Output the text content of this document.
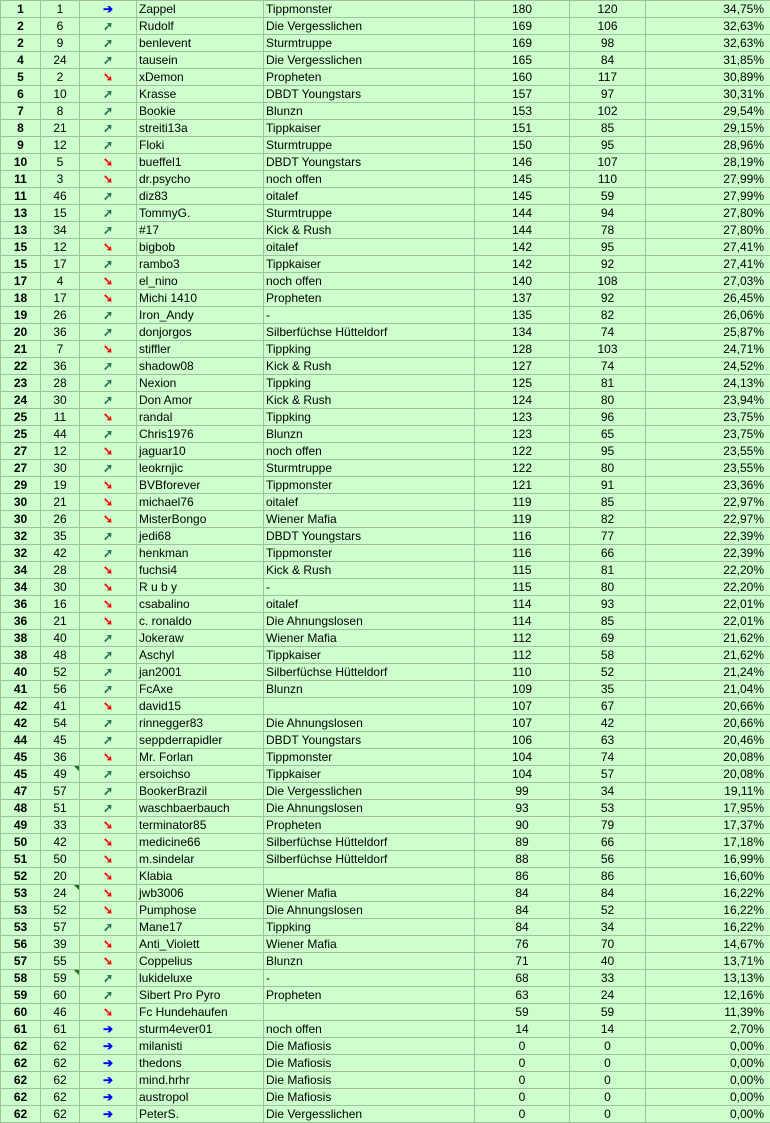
1	1	➔	Zappel	Tippmonster	180	120	34,75%
2	6	➚	Rudolf	Die Vergesslichen	169	106	32,63%
2	9	➚	benlevent	Sturmtruppe	169	98	32,63%
4	24	➚	tausein	Die Vergesslichen	165	84	31,85%
5	2	➘	xDemon	Propheten	160	117	30,89%
6	10	➚	Krasse	DBDT Youngstars	157	97	30,31%
7	8	➚	Bookie	Blunzn	153	102	29,54%
8	21	➚	streiti13a	Tippkaiser	151	85	29,15%
9	12	➚	Floki	Sturmtruppe	150	95	28,96%
10	5	➘	bueffel1	DBDT Youngstars	146	107	28,19%
11	3	➘	dr.psycho	noch offen	145	110	27,99%
11	46	➚	diz83	oitalef	145	59	27,99%
13	15	➚	TommyG.	Sturmtruppe	144	94	27,80%
13	34	➚	#17	Kick & Rush	144	78	27,80%
15	12	➘	bigbob	oitalef	142	95	27,41%
15	17	➚	rambo3	Tippkaiser	142	92	27,41%
17	4	➘	el_nino	noch offen	140	108	27,03%
18	17	➘	Michi 1410	Propheten	137	92	26,45%
19	26	➚	Iron_Andy	-	135	82	26,06%
20	36	➚	donjorgos	Silberfüchse Hütteldorf	134	74	25,87%
21	7	➘	stiffler	Tippking	128	103	24,71%
22	36	➚	shadow08	Kick & Rush	127	74	24,52%
23	28	➚	Nexion	Tippking	125	81	24,13%
24	30	➚	Don Amor	Kick & Rush	124	80	23,94%
25	11	➘	randal	Tippking	123	96	23,75%
25	44	➚	Chris1976	Blunzn	123	65	23,75%
27	12	➘	jaguar10	noch offen	122	95	23,55%
27	30	➚	leokrnjic	Sturmtruppe	122	80	23,55%
29	19	➘	BVBforever	Tippmonster	121	91	23,36%
30	21	➘	michael76	oitalef	119	85	22,97%
30	26	➘	MisterBongo	Wiener Mafia	119	82	22,97%
32	35	➚	jedi68	DBDT Youngstars	116	77	22,39%
32	42	➚	henkman	Tippmonster	116	66	22,39%
34	28	➘	fuchsi4	Kick & Rush	115	81	22,20%
34	30	➘	R u b y	-	115	80	22,20%
36	16	➘	csabalino	oitalef	114	93	22,01%
36	21	➘	c. ronaldo	Die Ahnungslosen	114	85	22,01%
38	40	➚	Jokeraw	Wiener Mafia	112	69	21,62%
38	48	➚	Aschyl	Tippkaiser	112	58	21,62%
40	52	➚	jan2001	Silberfüchse Hütteldorf	110	52	21,24%
41	56	➚	FcAxe	Blunzn	109	35	21,04%
42	41	➘	david15		107	67	20,66%
42	54	➚	rinnegger83	Die Ahnungslosen	107	42	20,66%
44	45	➚	seppderrapidler	DBDT Youngstars	106	63	20,46%
45	36	➘	Mr. Forlan	Tippmonster	104	74	20,08%
45	49	➚	ersoichso	Tippkaiser	104	57	20,08%
47	57	➚	BookerBrazil	Die Vergesslichen	99	34	19,11%
48	51	➚	waschbaerbauch	Die Ahnungslosen	93	53	17,95%
49	33	➘	terminator85	Propheten	90	79	17,37%
50	42	➘	medicine66	Silberfüchse Hütteldorf	89	66	17,18%
51	50	➘	m.sindelar	Silberfüchse Hütteldorf	88	56	16,99%
52	20	➘	Klabia		86	86	16,60%
53	24	➘	jwb3006	Wiener Mafia	84	84	16,22%
53	52	➘	Pumphose	Die Ahnungslosen	84	52	16,22%
53	57	➚	Mane17	Tippking	84	34	16,22%
56	39	➘	Anti_Violett	Wiener Mafia	76	70	14,67%
57	55	➘	Coppelius	Blunzn	71	40	13,71%
58	59	➚	lukideluxe	-	68	33	13,13%
59	60	➚	Sibert Pro Pyro	Propheten	63	24	12,16%
60	46	➘	Fc Hundehaufen		59	59	11,39%
61	61	➔	sturm4ever01	noch offen	14	14	2,70%
62	62	➔	milanisti	Die Mafiosis	0	0	0,00%
62	62	➔	thedons	Die Mafiosis	0	0	0,00%
62	62	➔	mind.hrhr	Die Mafiosis	0	0	0,00%
62	62	➔	austropol	Die Mafiosis	0	0	0,00%
62	62	➔	PeterS.	Die Vergesslichen	0	0	0,00%
